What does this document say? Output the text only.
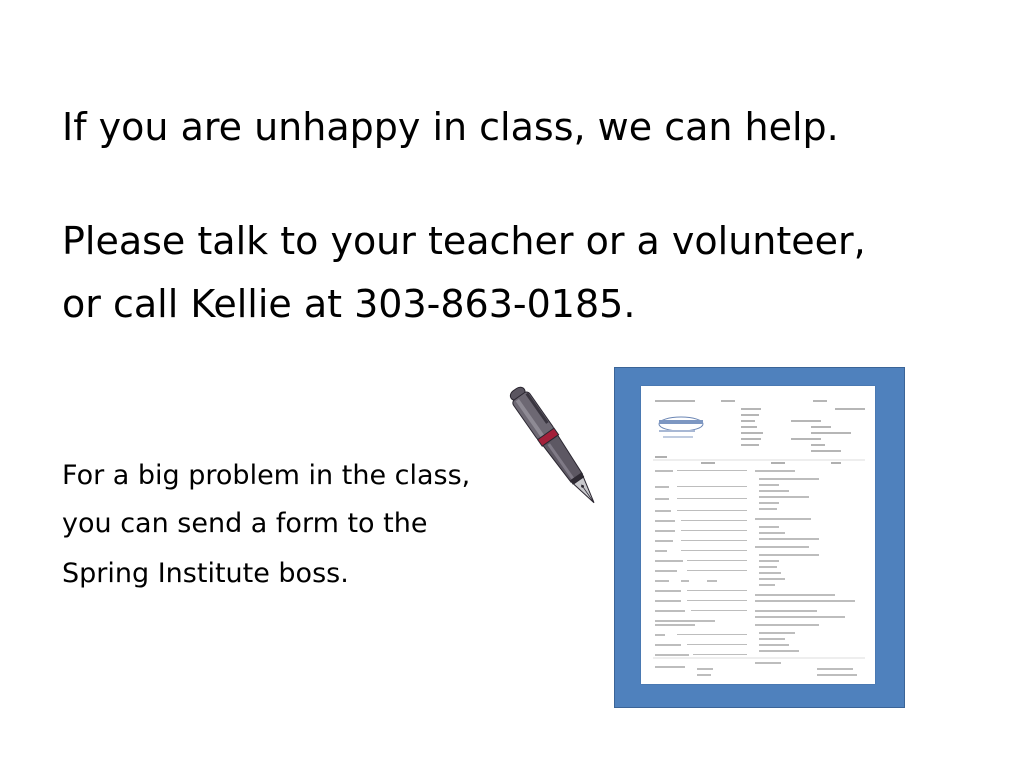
If you are unhappy in class, we can help.
Please talk to your teacher or a volunteer,
or call Kellie at 303-863-0185.
For a big problem in the class,
you can send a form to the
Spring Institute boss.
